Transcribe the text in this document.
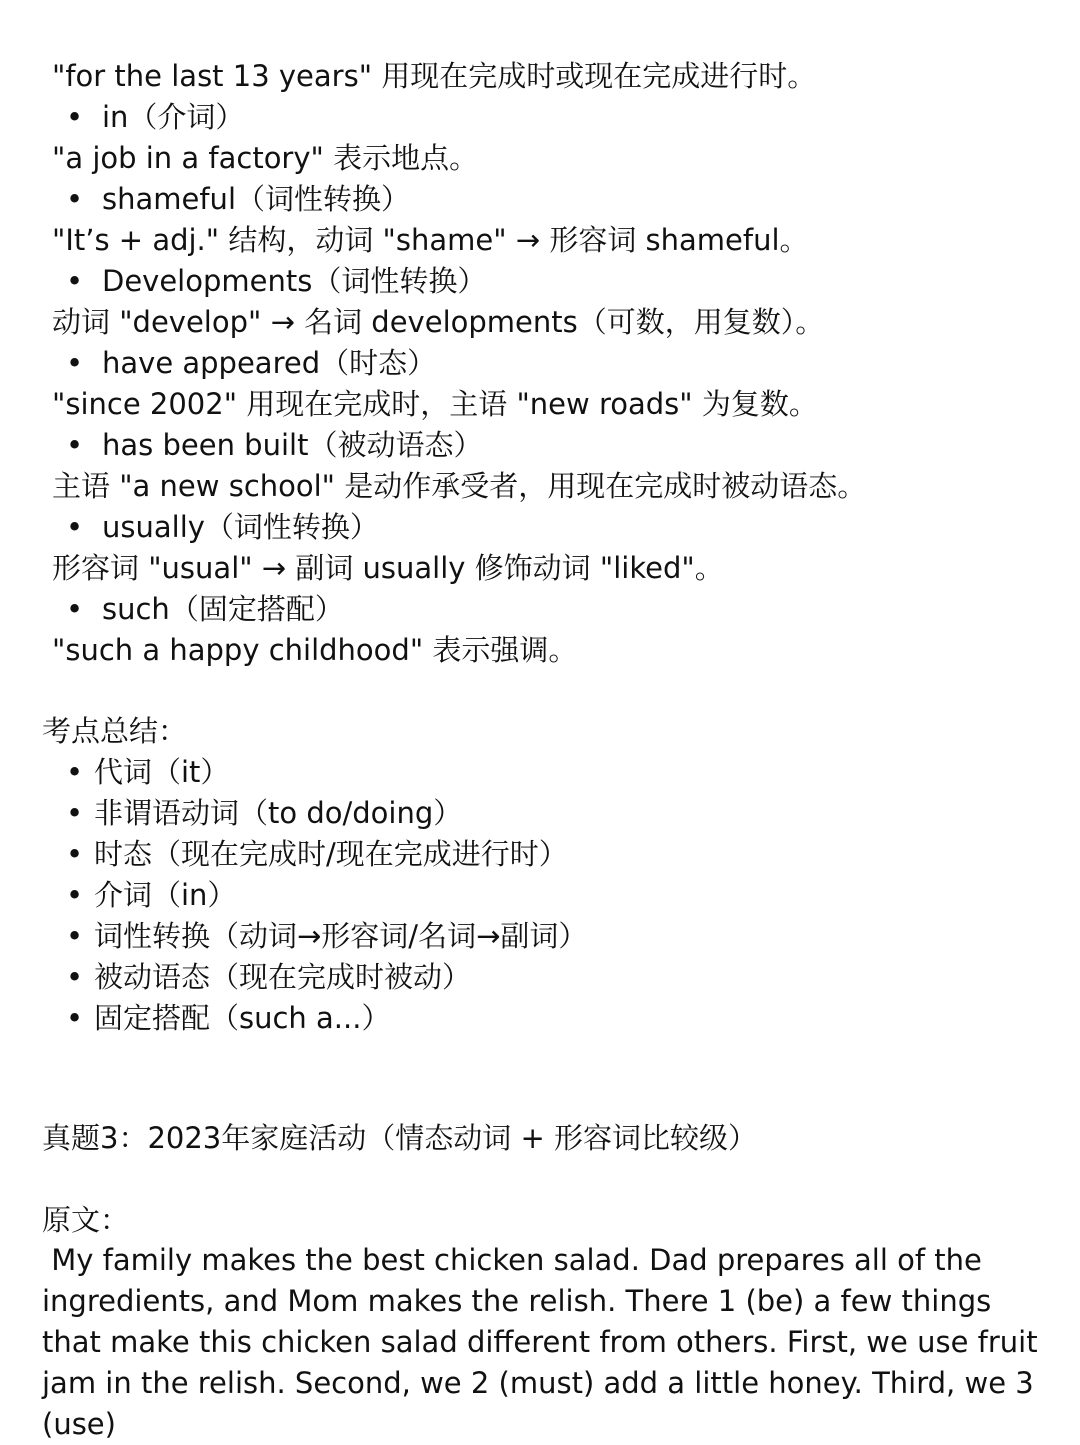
"for the last 13 years" 用现在完成时或现在完成进行时。
• in（介词）
"a job in a factory" 表示地点。
• shameful（词性转换）
"It’s + adj." 结构，动词 "shame" → 形容词 shameful。
• Developments（词性转换）
动词 "develop" → 名词 developments（可数，用复数）。
• have appeared（时态）
"since 2002" 用现在完成时，主语 "new roads" 为复数。
• has been built（被动语态）
主语 "a new school" 是动作承受者，用现在完成时被动语态。
• usually（词性转换）
形容词 "usual" → 副词 usually 修饰动词 "liked"。
• such（固定搭配）
"such a happy childhood" 表示强调。
考点总结：
• 代词（it）
• 非谓语动词（to do/doing）
• 时态（现在完成时/现在完成进行时）
• 介词（in）
• 词性转换（动词→形容词/名词→副词）
• 被动语态（现在完成时被动）
• 固定搭配（such a...）
真题3：2023年家庭活动（情态动词 + 形容词比较级）
原文：
My family makes the best chicken salad. Dad prepares all of the ingredients, and Mom makes the relish. There 1 (be) a few things that make this chicken salad different from others. First, we use fruit jam in the relish. Second, we 2 (must) add a little honey. Third, we 3 (use)
